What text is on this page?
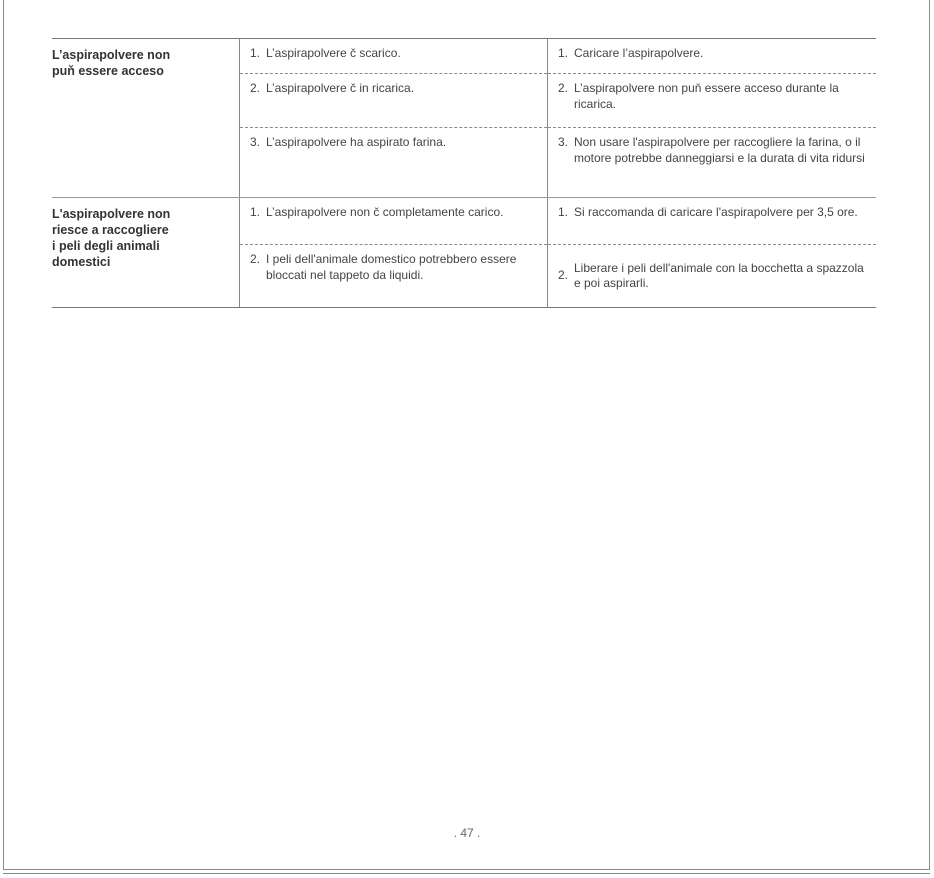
L’aspirapolvere non
puň essere acceso
1. L’aspirapolvere č scarico.
2. L’aspirapolvere č in ricarica.
3. L’aspirapolvere ha aspirato farina.
1. Caricare l’aspirapolvere.
2. L’aspirapolvere non puň essere acceso durante la ricarica.
3. Non usare l'aspirapolvere per raccogliere la farina, o il motore potrebbe danneggiarsi e la durata di vita ridursi
L'aspirapolvere non
riesce a raccogliere
i peli degli animali
domestici
1. L’aspirapolvere non č completamente carico.
2. I peli dell'animale domestico potrebbero essere bloccati nel tappeto da liquidi.
1. Si raccomanda di caricare l'aspirapolvere per 3,5 ore.
2.
Liberare i peli dell'animale con la bocchetta a spazzola e poi aspirarli.
. 47 .
